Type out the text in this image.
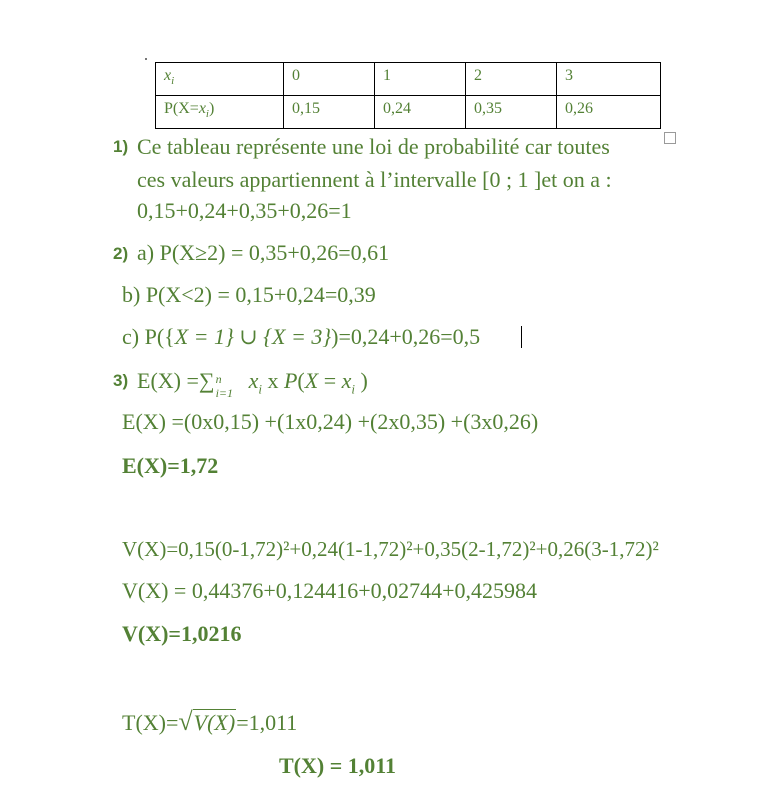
$x_i$	0	1	2	3
$P(X=x_i)$	0,15	0,24	0,35	0,26
1) Ce tableau représente une loi de probabilité car toutes
ces valeurs appartiennent à l’intervalle [0 ; 1 ]et on a :
0,15+0,24+0,35+0,26=1
2) a) P(X≥2) = 0,35+0,26=0,61
b) P(X<2) = 0,15+0,24=0,39
c) P({X = 1} ∪ {X = 3})=0,24+0,26=0,5
3) E(X) =∑ n
i=1 $x_i$ x $P(X = x_i$ )
E(X) =(0x0,15) +(1x0,24) +(2x0,35) +(3x0,26)
E(X)=1,72
V(X)=0,15(0-1,72)²+0,24(1-1,72)²+0,35(2-1,72)²+0,26(3-1,72)²
V(X) = 0,44376+0,124416+0,02744+0,425984
V(X)=1,0216
T(X)=√V(X)=1,011
T(X) = 1,011
